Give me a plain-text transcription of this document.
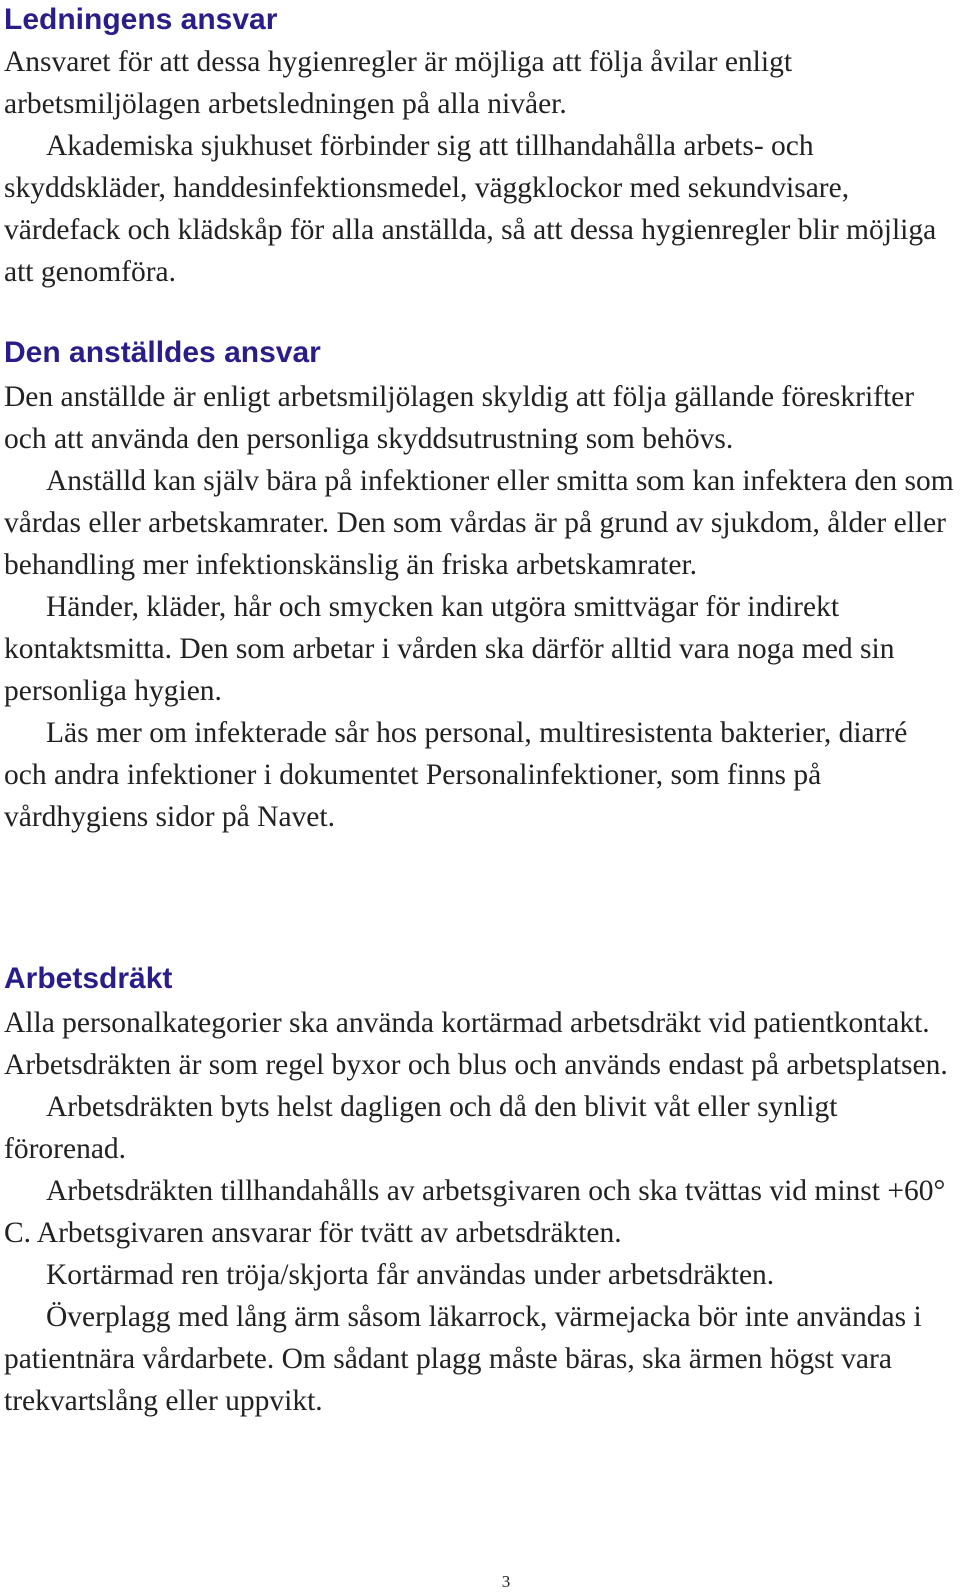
Ledningens ansvar

Ansvaret för att dessa hygienregler är möjliga att följa åvilar enligt arbetsmiljölagen arbetsledningen på alla nivåer.

Akademiska sjukhuset förbinder sig att tillhandahålla arbets- och skyddskläder, handdesinfektionsmedel, väggklockor med sekundvisare, värdefack och klädskåp för alla anställda, så att dessa hygienregler blir möjliga att genomföra.

Den anställdes ansvar

Den anställde är enligt arbetsmiljölagen skyldig att följa gällande föreskrifter och att använda den personliga skyddsutrustning som behövs.

Anställd kan själv bära på infektioner eller smitta som kan infektera den som vårdas eller arbetskamrater. Den som vårdas är på grund av sjukdom, ålder eller behandling mer infektionskänslig än friska arbetskamrater.

Händer, kläder, hår och smycken kan utgöra smittvägar för indirekt kontaktsmitta. Den som arbetar i vården ska därför alltid vara noga med sin personliga hygien.

Läs mer om infekterade sår hos personal, multiresistenta bakterier, diarré och andra infektioner i dokumentet Personalinfektioner, som finns på vårdhygiens sidor på Navet.

Arbetsdräkt

Alla personalkategorier ska använda kortärmad arbetsdräkt vid patientkontakt. Arbetsdräkten är som regel byxor och blus och används endast på arbetsplatsen.

Arbetsdräkten byts helst dagligen och då den blivit våt eller synligt förorenad.

Arbetsdräkten tillhandahålls av arbetsgivaren och ska tvättas vid minst +60° C. Arbetsgivaren ansvarar för tvätt av arbetsdräkten.

Kortärmad ren tröja/skjorta får användas under arbetsdräkten.

Överplagg med lång ärm såsom läkarrock, värmejacka bör inte användas i patientnära vårdarbete. Om sådant plagg måste bäras, ska ärmen högst vara trekvartslång eller uppvikt.

3
